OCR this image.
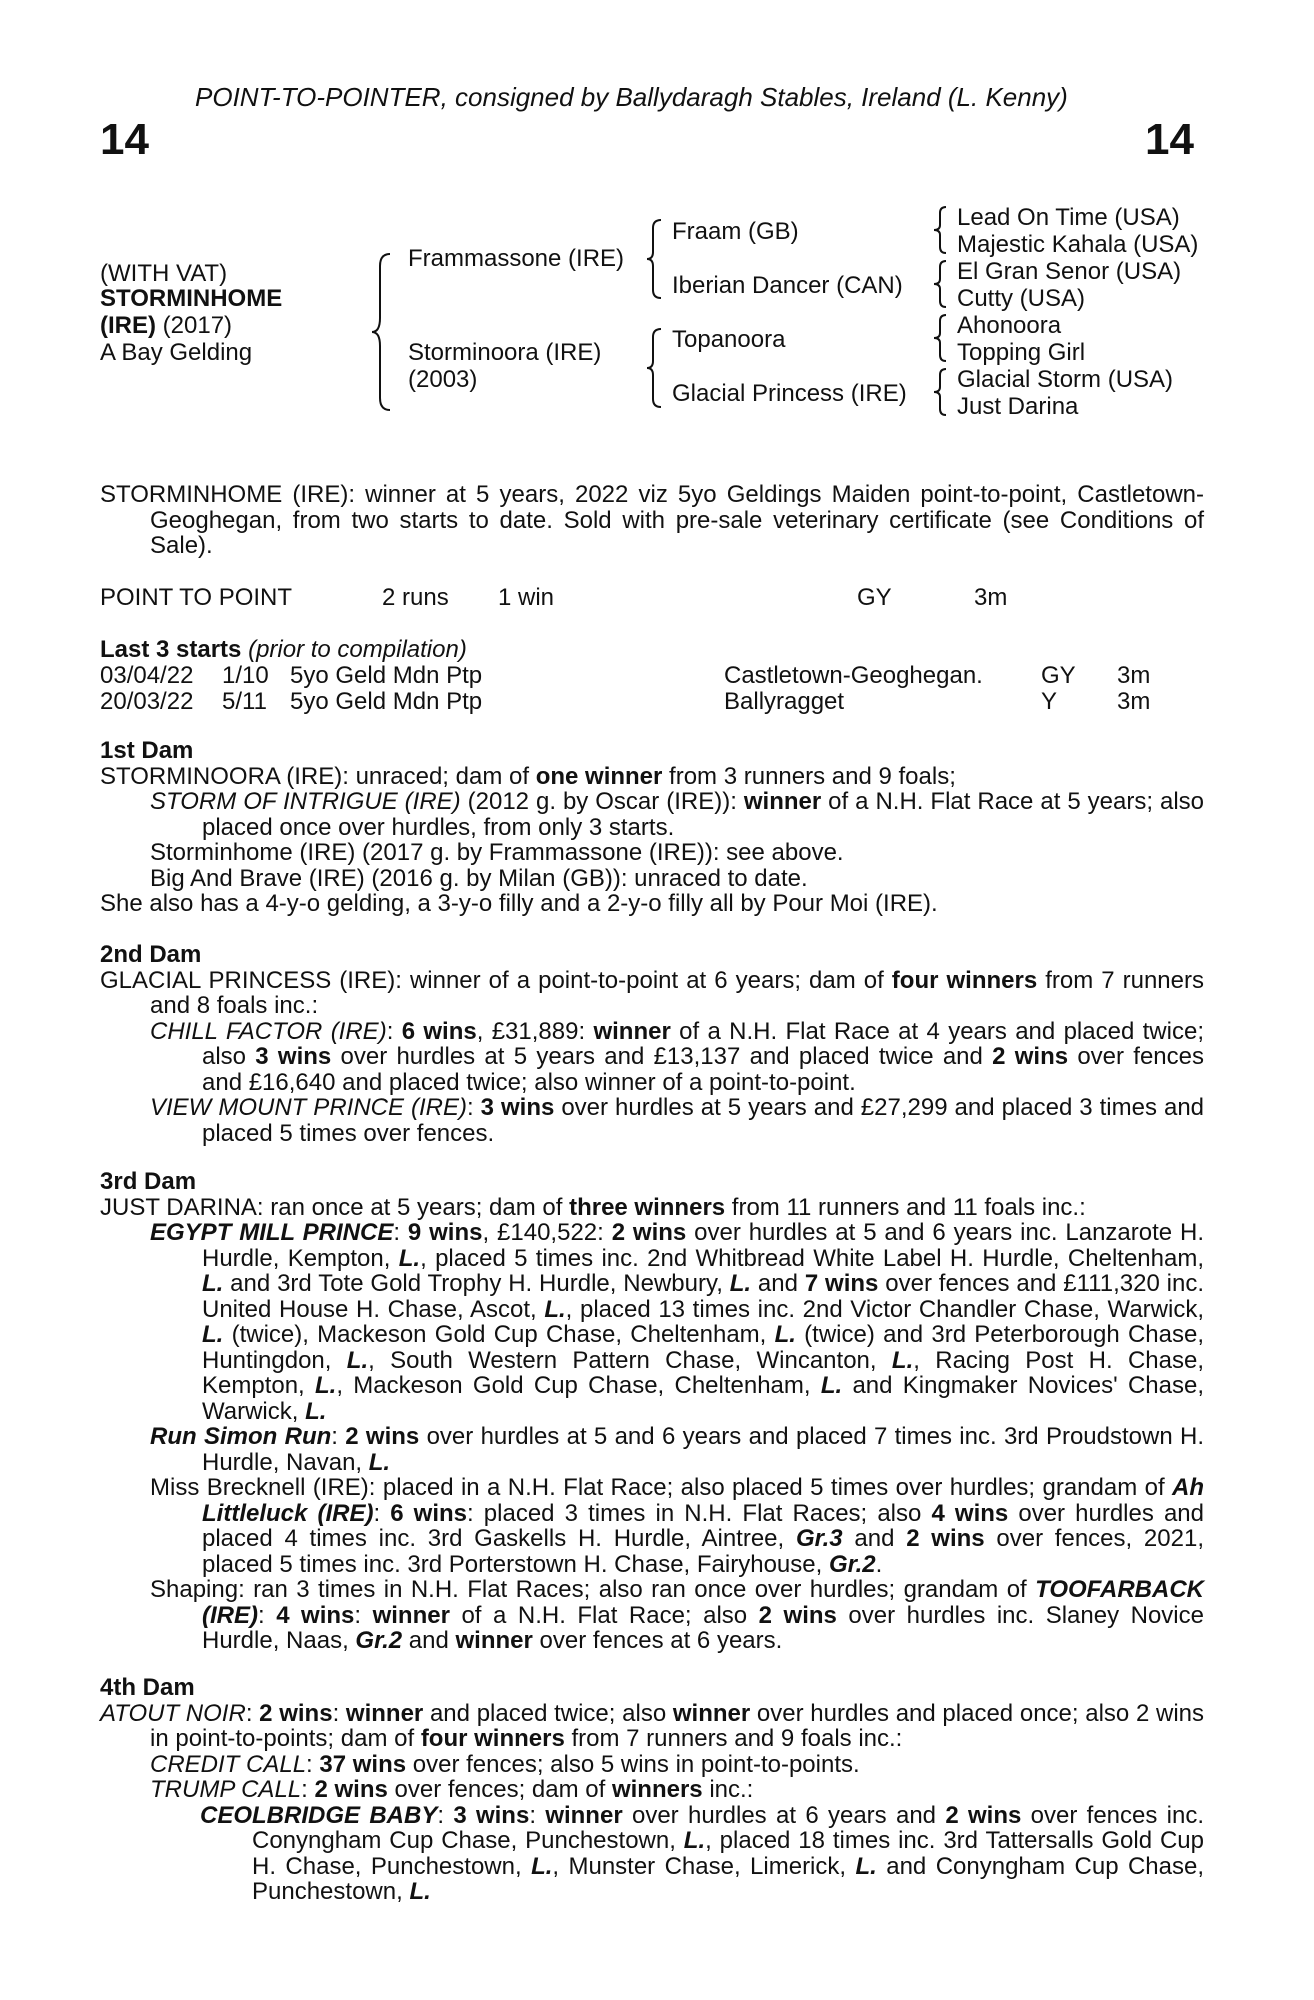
POINT-TO-POINTER, consigned by Ballydaragh Stables, Ireland (L. Kenny)
14	14
(WITH VAT)
STORMINHOME
(IRE) (2017)
A Bay Gelding
Frammassone (IRE)
Storminoora (IRE)
(2003)
Fraam (GB)
Iberian Dancer (CAN)
Topanoora
Glacial Princess (IRE)
Lead On Time (USA)
Majestic Kahala (USA)
El Gran Senor (USA)
Cutty (USA)
Ahonoora
Topping Girl
Glacial Storm (USA)
Just Darina

STORMINHOME (IRE): winner at 5 years, 2022 viz 5yo Geldings Maiden point-to-point, Castletown-Geoghegan, from two starts to date. Sold with pre-sale veterinary certificate (see Conditions of Sale).

POINT TO POINT	2 runs 1 win	GY	3m
Last 3 starts (prior to compilation)
03/04/22 1/10 5yo Geld Mdn Ptp	Castletown-Geoghegan. GY 3m
20/03/22 5/11 5yo Geld Mdn Ptp	Ballyragget	Y 3m
1st Dam

STORMINOORA (IRE): unraced; dam of one winner from 3 runners and 9 foals;

STORM OF INTRIGUE (IRE) (2012 g. by Oscar (IRE)): winner of a N.H. Flat Race at 5 years; also placed once over hurdles, from only 3 starts.

Storminhome (IRE) (2017 g. by Frammassone (IRE)): see above.

Big And Brave (IRE) (2016 g. by Milan (GB)): unraced to date.

She also has a 4-y-o gelding, a 3-y-o filly and a 2-y-o filly all by Pour Moi (IRE).

2nd Dam

GLACIAL PRINCESS (IRE): winner of a point-to-point at 6 years; dam of four winners from 7 runners and 8 foals inc.:

CHILL FACTOR (IRE): 6 wins, £31,889: winner of a N.H. Flat Race at 4 years and placed twice; also 3 wins over hurdles at 5 years and £13,137 and placed twice and 2 wins over fences and £16,640 and placed twice; also winner of a point-to-point.

VIEW MOUNT PRINCE (IRE): 3 wins over hurdles at 5 years and £27,299 and placed 3 times and placed 5 times over fences.

3rd Dam

JUST DARINA: ran once at 5 years; dam of three winners from 11 runners and 11 foals inc.:

EGYPT MILL PRINCE: 9 wins, £140,522: 2 wins over hurdles at 5 and 6 years inc. Lanzarote H. Hurdle, Kempton, L., placed 5 times inc. 2nd Whitbread White Label H. Hurdle, Cheltenham, L. and 3rd Tote Gold Trophy H. Hurdle, Newbury, L. and 7 wins over fences and £111,320 inc. United House H. Chase, Ascot, L., placed 13 times inc. 2nd Victor Chandler Chase, Warwick, L. (twice), Mackeson Gold Cup Chase, Cheltenham, L. (twice) and 3rd Peterborough Chase, Huntingdon, L., South Western Pattern Chase, Wincanton, L., Racing Post H. Chase, Kempton, L., Mackeson Gold Cup Chase, Cheltenham, L. and Kingmaker Novices' Chase, Warwick, L.

Run Simon Run: 2 wins over hurdles at 5 and 6 years and placed 7 times inc. 3rd Proudstown H. Hurdle, Navan, L.

Miss Brecknell (IRE): placed in a N.H. Flat Race; also placed 5 times over hurdles; grandam of Ah Littleluck (IRE): 6 wins: placed 3 times in N.H. Flat Races; also 4 wins over hurdles and placed 4 times inc. 3rd Gaskells H. Hurdle, Aintree, Gr.3 and 2 wins over fences, 2021, placed 5 times inc. 3rd Porterstown H. Chase, Fairyhouse, Gr.2.

Shaping: ran 3 times in N.H. Flat Races; also ran once over hurdles; grandam of TOOFARBACK (IRE): 4 wins: winner of a N.H. Flat Race; also 2 wins over hurdles inc. Slaney Novice Hurdle, Naas, Gr.2 and winner over fences at 6 years.

4th Dam

ATOUT NOIR: 2 wins: winner and placed twice; also winner over hurdles and placed once; also 2 wins in point-to-points; dam of four winners from 7 runners and 9 foals inc.:

CREDIT CALL: 37 wins over fences; also 5 wins in point-to-points.

TRUMP CALL: 2 wins over fences; dam of winners inc.:

CEOLBRIDGE BABY: 3 wins: winner over hurdles at 6 years and 2 wins over fences inc. Conyngham Cup Chase, Punchestown, L., placed 18 times inc. 3rd Tattersalls Gold Cup H. Chase, Punchestown, L., Munster Chase, Limerick, L. and Conyngham Cup Chase, Punchestown, L.
